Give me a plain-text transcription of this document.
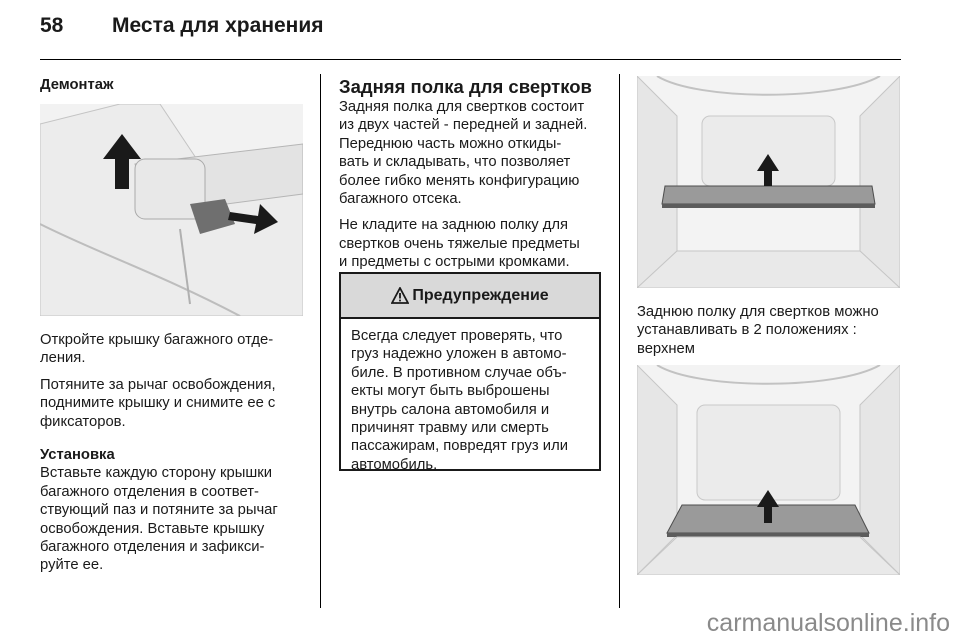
58 Места для хранения

Демонтаж

Откройте крышку багажного отде-
ления.

Потяните за рычаг освобождения,
поднимите крышку и снимите ее с
фиксаторов.

Установка

Вставьте каждую сторону крышки
багажного отделения в соответ-
ствующий паз и потяните за рычаг
освобождения. Вставьте крышку
багажного отделения и зафикси-
руйте ее.

Задняя полка для свертков

Задняя полка для свертков состоит
из двух частей - передней и задней.
Переднюю часть можно откиды-
вать и складывать, что позволяет
более гибко менять конфигурацию
багажного отсека.

Не кладите на заднюю полку для
свертков очень тяжелые предметы
и предметы с острыми кромками.

Предупреждение
Всегда следует проверять, что
груз надежно уложен в автомо-
биле. В противном случае объ-
екты могут быть выброшены
внутрь салона автомобиля и
причинят травму или смерть
пассажирам, повредят груз или
автомобиль.

Заднюю полку для свертков можно
устанавливать в 2 положениях :
верхнем

carmanualsonline.info
